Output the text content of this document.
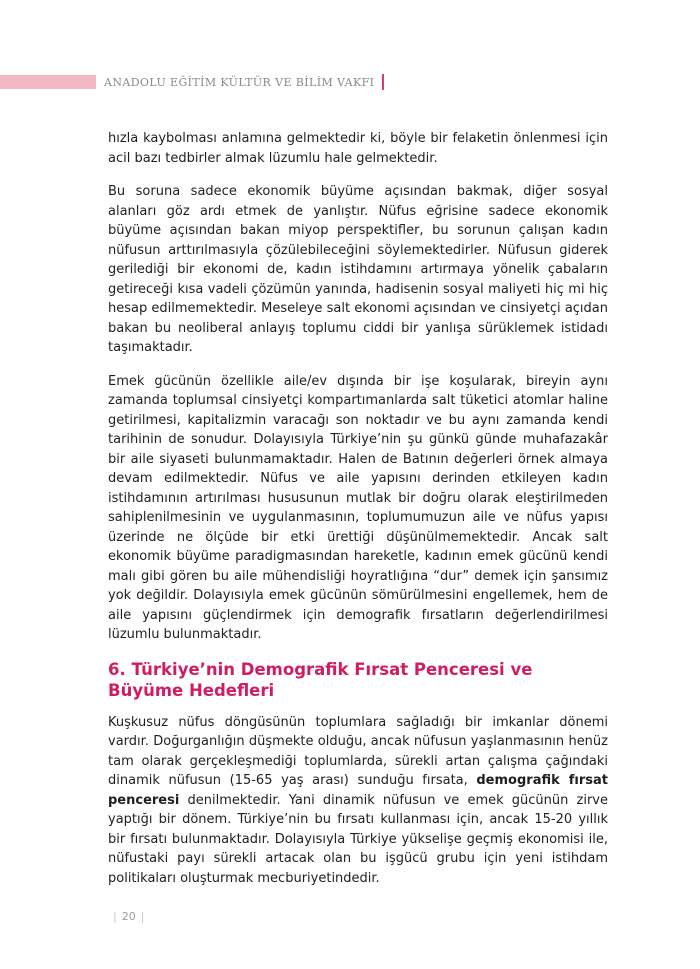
ANADOLU EĞİTİM KÜLTÜR VE BİLİM VAKFI

hızla kaybolması anlamına gelmektedir ki, böyle bir felaketin önlenmesi için acil bazı tedbirler almak lüzumlu hale gelmektedir.

Bu soruna sadece ekonomik büyüme açısından bakmak, diğer sosyal alanları göz ardı etmek de yanlıştır. Nüfus eğrisine sadece ekonomik büyüme açısından bakan miyop perspektifler, bu sorunun çalışan kadın nüfusun arttırılmasıyla çözülebileceğini söylemektedirler. Nüfusun giderek gerilediği bir ekonomi de, kadın istihdamını artırmaya yönelik çabaların getireceği kısa vadeli çözümün yanında, hadisenin sosyal maliyeti hiç mi hiç hesap edilmemektedir. Meseleye salt ekonomi açısından ve cinsiyetçi açıdan bakan bu neoliberal anlayış toplumu ciddi bir yanlışa sürüklemek istidadı taşımaktadır.

Emek gücünün özellikle aile/ev dışında bir işe koşularak, bireyin aynı zamanda toplumsal cinsiyetçi kompartımanlarda salt tüketici atomlar haline getirilmesi, kapitalizmin varacağı son noktadır ve bu aynı zamanda kendi tarihinin de sonudur. Dolayısıyla Türkiye’nin şu günkü günde muhafazakâr bir aile siyaseti bulunmamaktadır. Halen de Batının değerleri örnek almaya devam edilmektedir. Nüfus ve aile yapısını derinden etkileyen kadın istihdamının artırılması hususunun mutlak bir doğru olarak eleştirilmeden sahiplenilmesinin ve uygulanmasının, toplumumuzun aile ve nüfus yapısı üzerinde ne ölçüde bir etki ürettiği düşünülmemektedir. Ancak salt ekonomik büyüme paradigmasından hareketle, kadının emek gücünü kendi malı gibi gören bu aile mühendisliği hoyratlığına “dur” demek için şansımız yok değildir. Dolayısıyla emek gücünün sömürülmesini engellemek, hem de aile yapısını güçlendirmek için demografik fırsatların değerlendirilmesi lüzumlu bulunmaktadır.

6. Türkiye’nin Demografik Fırsat Penceresi ve Büyüme Hedefleri

Kuşkusuz nüfus döngüsünün toplumlara sağladığı bir imkanlar dönemi vardır. Doğurganlığın düşmekte olduğu, ancak nüfusun yaşlanmasının henüz tam olarak gerçekleşmediği toplumlarda, sürekli artan çalışma çağındaki dinamik nüfusun (15-65 yaş arası) sunduğu fırsata, demografik fırsat penceresi denilmektedir. Yani dinamik nüfusun ve emek gücünün zirve yaptığı bir dönem. Türkiye’nin bu fırsatı kullanması için, ancak 15-20 yıllık bir fırsatı bulunmaktadır. Dolayısıyla Türkiye yükselişe geçmiş ekonomisi ile, nüfustaki payı sürekli artacak olan bu işgücü grubu için yeni istihdam politikaları oluşturmak mecburiyetindedir.

| 20 |
